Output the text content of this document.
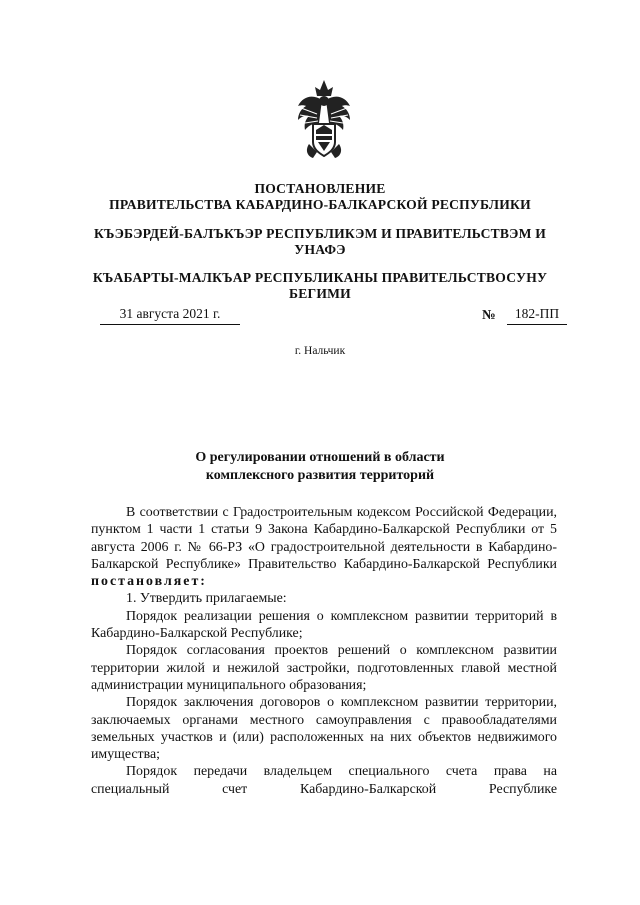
ПОСТАНОВЛЕНИЕ
ПРАВИТЕЛЬСТВА КАБАРДИНО-БАЛКАРСКОЙ РЕСПУБЛИКИ
КЪЭБЭРДЕЙ-БАЛЪКЪЭР РЕСПУБЛИКЭМ И ПРАВИТЕЛЬСТВЭМ И
УНАФЭ
КЪАБАРТЫ-МАЛКЪАР РЕСПУБЛИКАНЫ ПРАВИТЕЛЬСТВОСУНУ
БЕГИМИ
31 августа 2021 г.	№	182-ПП
г. Нальчик
О регулировании отношений в области
комплексного развития территорий

В соответствии с Градостроительным кодексом Российской Федерации, пунктом 1 части 1 статьи 9 Закона Кабардино-Балкарской Республики от 5 августа 2006 г. № 66-РЗ «О градостроительной деятельности в Кабардино-Балкарской Республике» Правительство Кабардино-Балкарской Республики постановляет:

1. Утвердить прилагаемые:

Порядок реализации решения о комплексном развитии территорий в Кабардино-Балкарской Республике;

Порядок согласования проектов решений о комплексном развитии территории жилой и нежилой застройки, подготовленных главой местной администрации муниципального образования;

Порядок заключения договоров о комплексном развитии территории, заключаемых органами местного самоуправления с правообладателями земельных участков и (или) расположенных на них объектов недвижимого имущества;

Порядок передачи владельцем специального счета права на специальный счет Кабардино-Балкарской Республике
